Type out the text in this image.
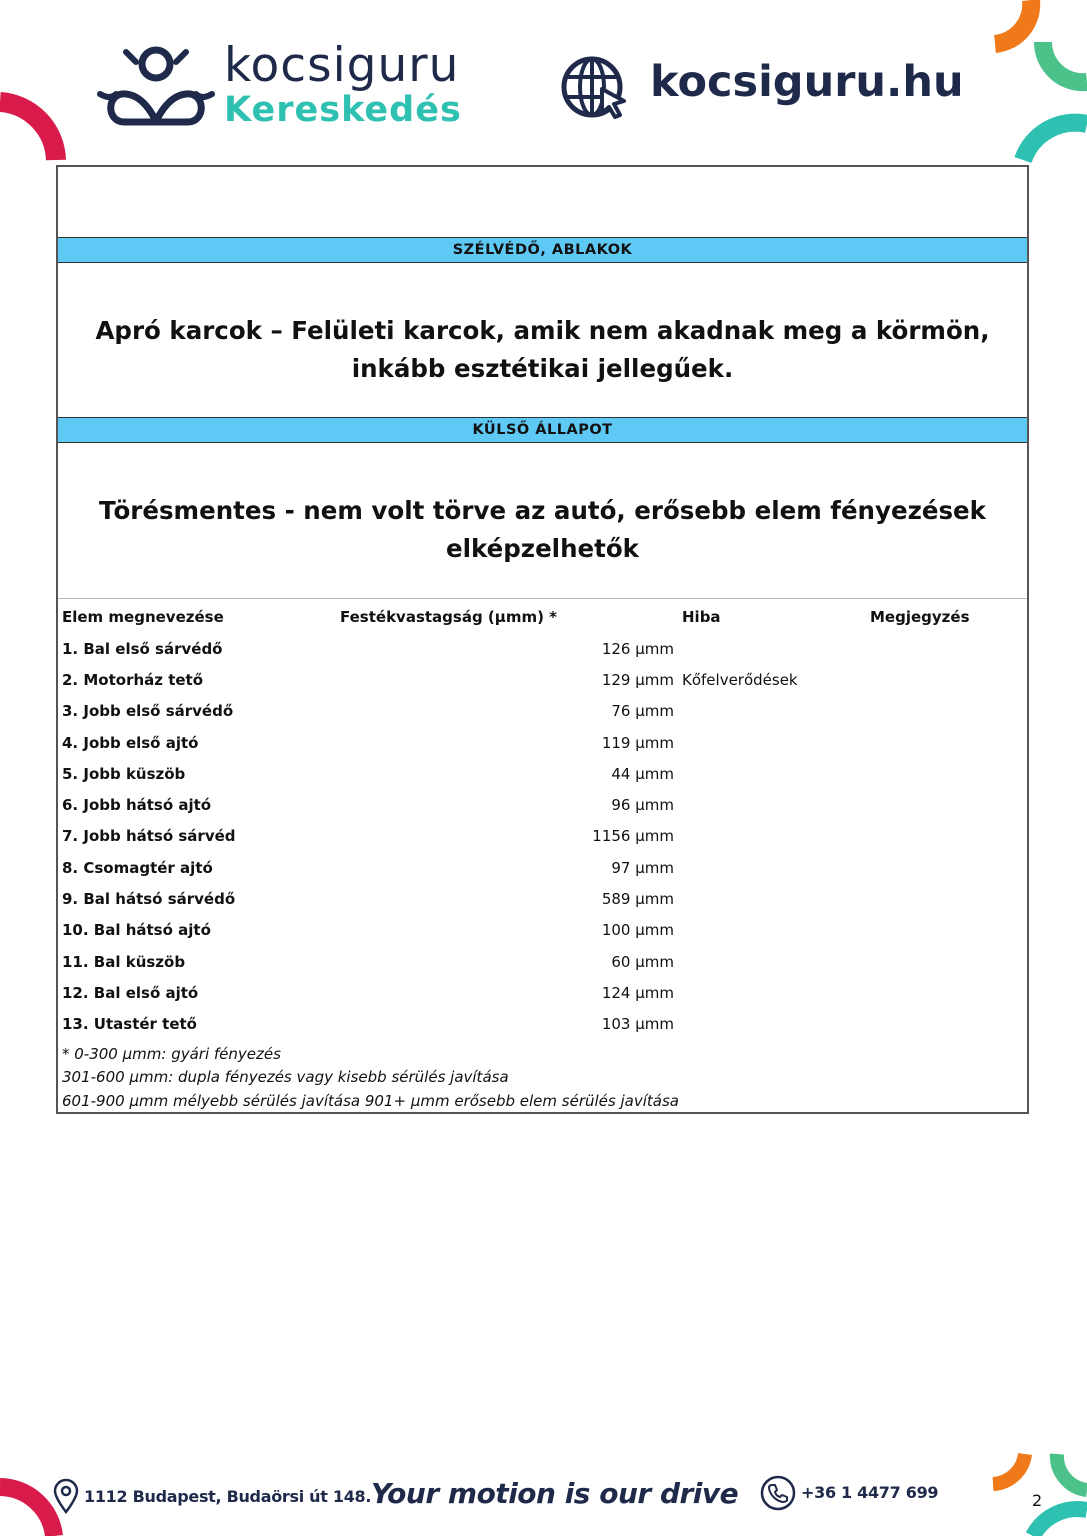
kocsiguru
Kereskedés
kocsiguru.hu
SZÉLVÉDŐ, ABLAKOK
Apró karcok – Felületi karcok, amik nem akadnak meg a körmön, inkább esztétikai jellegűek.
KÜLSŐ ÁLLAPOT
Törésmentes - nem volt törve az autó, erősebb elem fényezések elképzelhetők
Elem megnevezése	Festékvastagság (µmm) *	Hiba	Megjegyzés
1. Bal első sárvédő	126 µmm		
2. Motorház tető	129 µmm	Kőfelverődések	
3. Jobb első sárvédő	76 µmm		
4. Jobb első ajtó	119 µmm		
5. Jobb küszöb	44 µmm		
6. Jobb hátsó ajtó	96 µmm		
7. Jobb hátsó sárvéd	1156 µmm		
8. Csomagtér ajtó	97 µmm		
9. Bal hátsó sárvédő	589 µmm		
10. Bal hátsó ajtó	100 µmm		
11. Bal küszöb	60 µmm		
12. Bal első ajtó	124 µmm		
13. Utastér tető	103 µmm		
* 0-300 µmm: gyári fényezés
301-600 µmm: dupla fényezés vagy kisebb sérülés javítása
601-900 µmm mélyebb sérülés javítása 901+ µmm erősebb elem sérülés javítása
1112 Budapest, Budaörsi út 148. Your motion is our drive	+36 1 4477 699	2
